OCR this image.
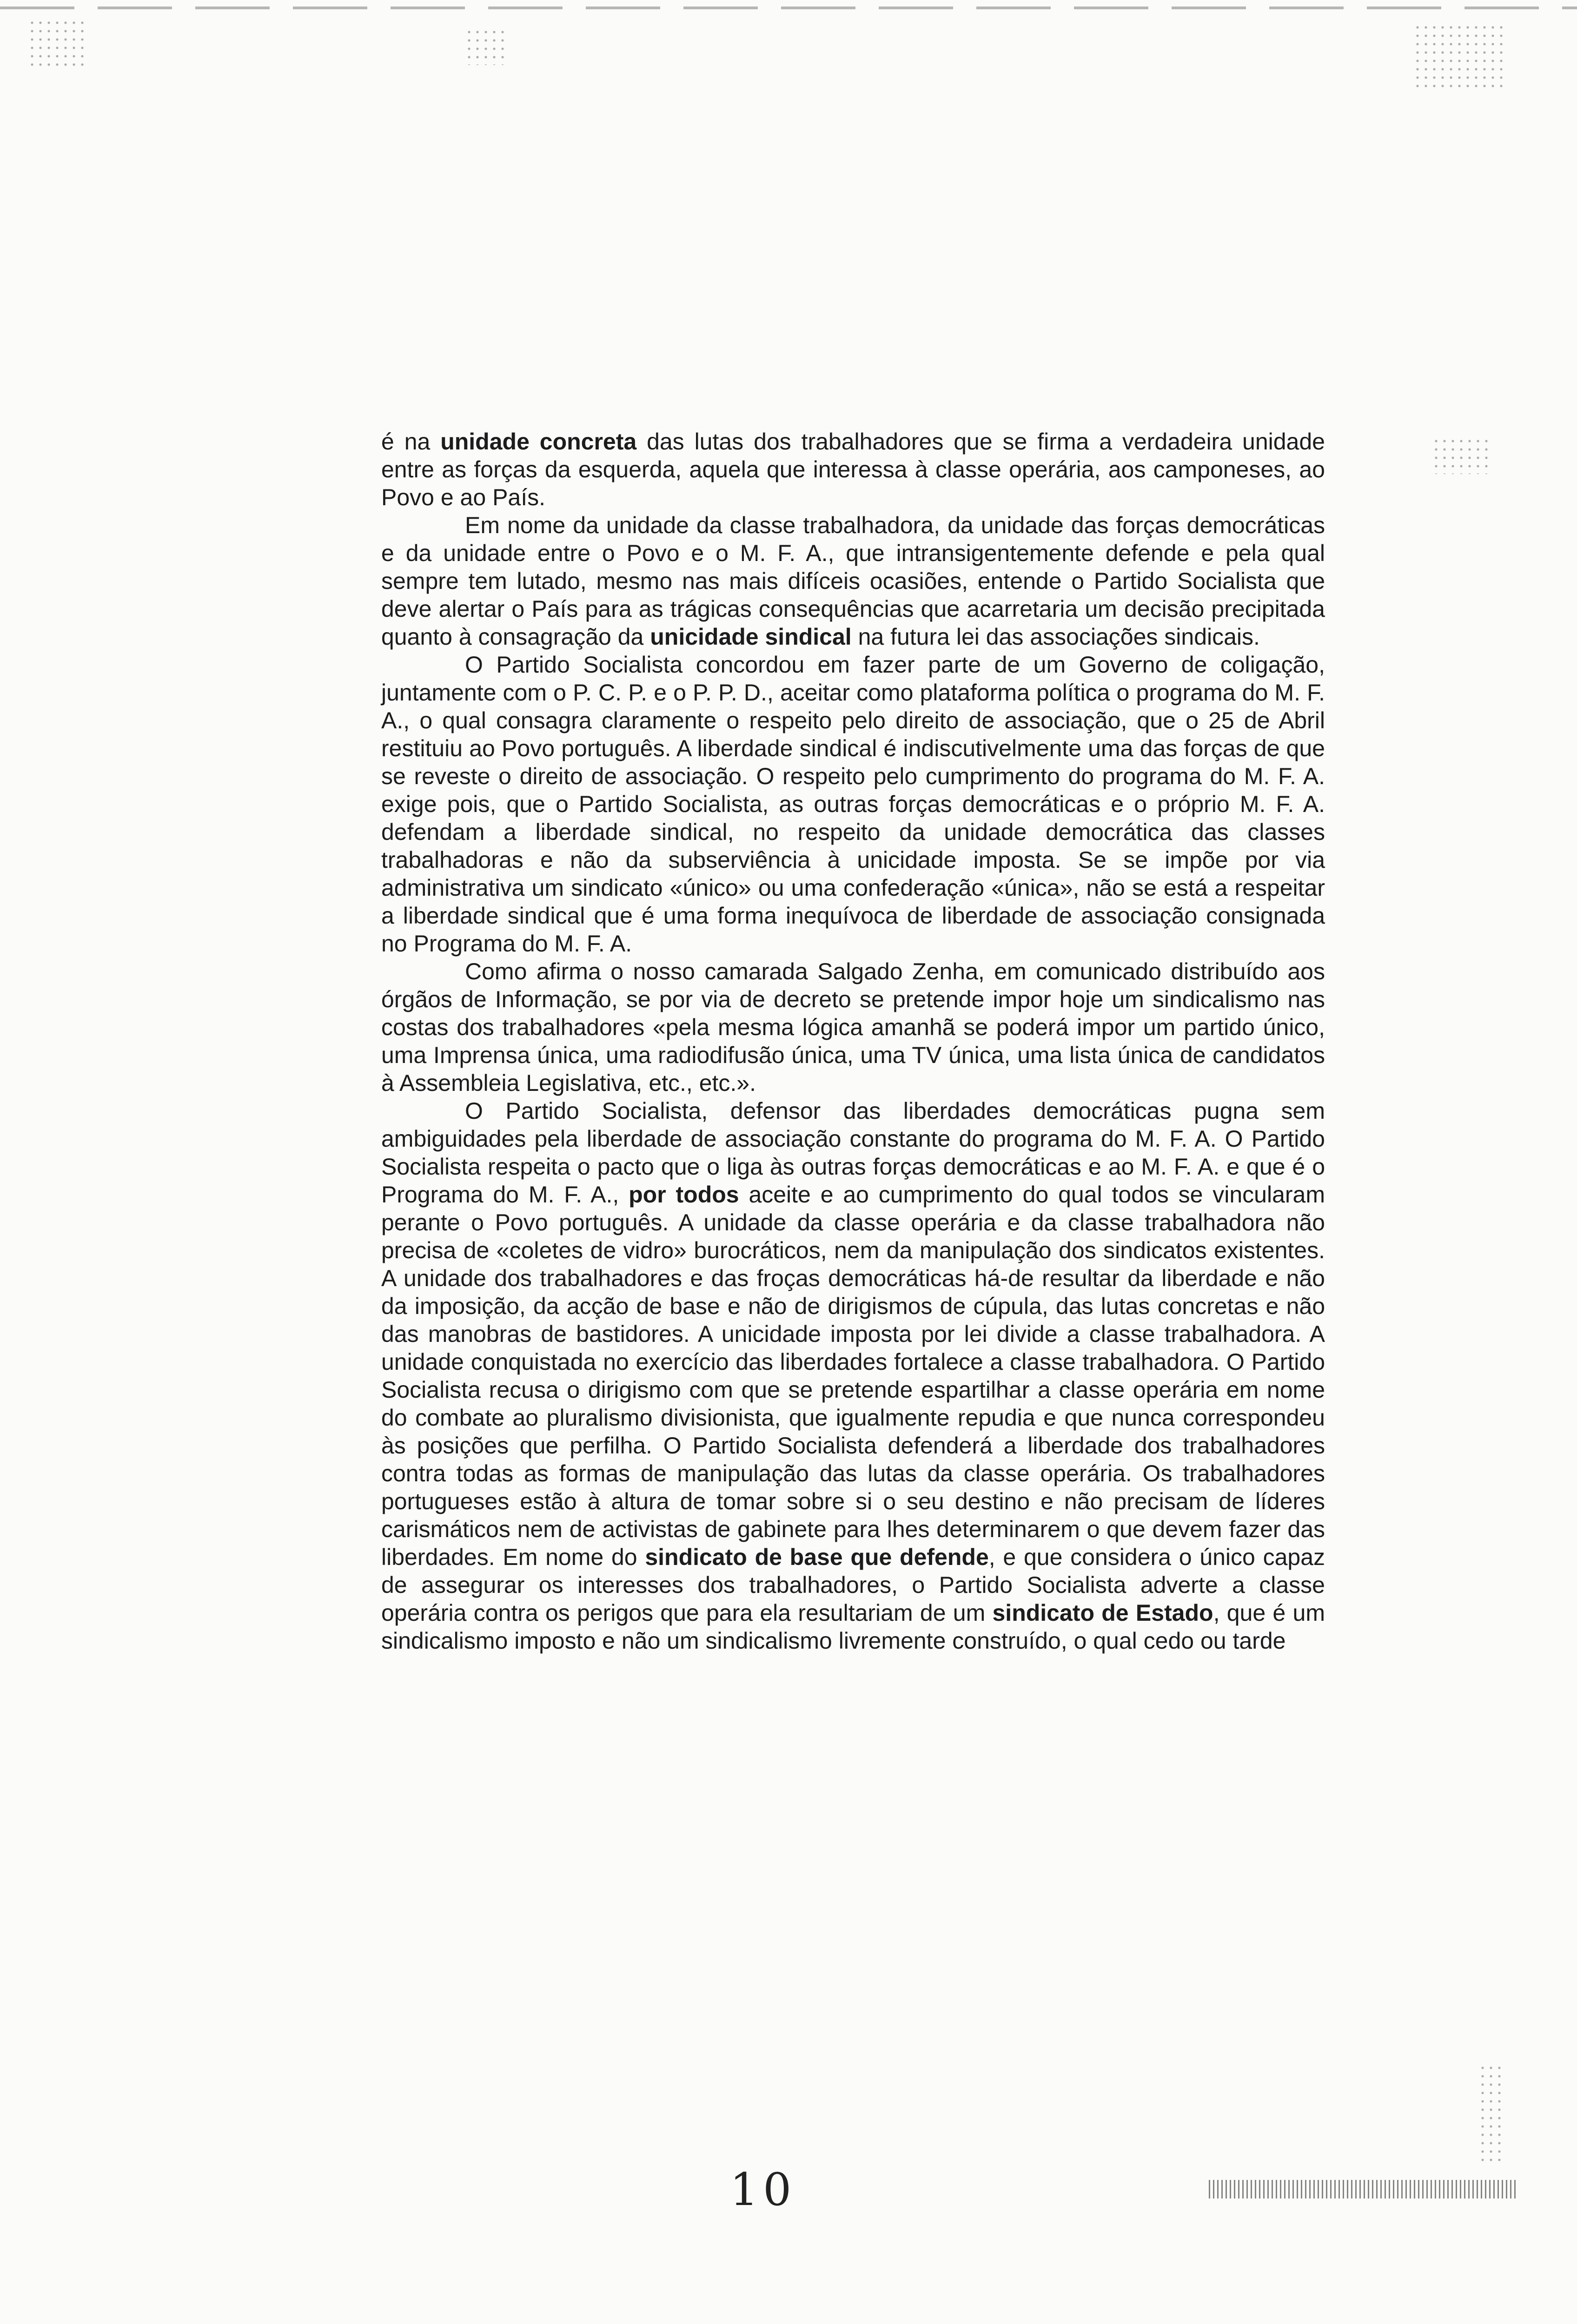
é na unidade concreta das lutas dos trabalhadores que se firma a verdadeira unidade entre as forças da esquerda, aquela que interessa à classe operária, aos camponeses, ao Povo e ao País.

Em nome da unidade da classe trabalhadora, da unidade das forças democráticas e da unidade entre o Povo e o M. F. A., que intransigentemente defende e pela qual sempre tem lutado, mesmo nas mais difíceis ocasiões, entende o Partido Socialista que deve alertar o País para as trágicas consequências que acarretaria um decisão precipitada quanto à consagração da unicidade sindical na futura lei das associações sindicais.

O Partido Socialista concordou em fazer parte de um Governo de coligação, juntamente com o P. C. P. e o P. P. D., aceitar como plataforma política o programa do M. F. A., o qual consagra claramente o respeito pelo direito de associação, que o 25 de Abril restituiu ao Povo português. A liberdade sindical é indiscutivelmente uma das forças de que se reveste o direito de associação. O respeito pelo cumprimento do programa do M. F. A. exige pois, que o Partido Socialista, as outras forças democráticas e o próprio M. F. A. defendam a liberdade sindical, no respeito da unidade democrática das classes trabalhadoras e não da subserviência à unicidade imposta. Se se impõe por via administrativa um sindicato «único» ou uma confederação «única», não se está a respeitar a liberdade sindical que é uma forma inequívoca de liberdade de associação consignada no Programa do M. F. A.

Como afirma o nosso camarada Salgado Zenha, em comunicado distribuído aos órgãos de Informação, se por via de decreto se pretende impor hoje um sindicalismo nas costas dos trabalhadores «pela mesma lógica amanhã se poderá impor um partido único, uma Imprensa única, uma radiodifusão única, uma TV única, uma lista única de candidatos à Assembleia Legislativa, etc., etc.».

O Partido Socialista, defensor das liberdades democráticas pugna sem ambiguidades pela liberdade de associação constante do programa do M. F. A. O Partido Socialista respeita o pacto que o liga às outras forças democráticas e ao M. F. A. e que é o Programa do M. F. A., por todos aceite e ao cumprimento do qual todos se vincularam perante o Povo português. A unidade da classe operária e da classe trabalhadora não precisa de «coletes de vidro» burocráticos, nem da manipulação dos sindicatos existentes. A unidade dos trabalhadores e das froças democráticas há-de resultar da liberdade e não da imposição, da acção de base e não de dirigismos de cúpula, das lutas concretas e não das manobras de bastidores. A unicidade imposta por lei divide a classe trabalhadora. A unidade conquistada no exercício das liberdades fortalece a classe trabalhadora. O Partido Socialista recusa o dirigismo com que se pretende espartilhar a classe operária em nome do combate ao pluralismo divisionista, que igualmente repudia e que nunca correspondeu às posições que perfilha. O Partido Socialista defenderá a liberdade dos trabalhadores contra todas as formas de manipulação das lutas da classe operária. Os trabalhadores portugueses estão à altura de tomar sobre si o seu destino e não precisam de líderes carismáticos nem de activistas de gabinete para lhes determinarem o que devem fazer das liberdades. Em nome do sindicato de base que defende, e que considera o único capaz de assegurar os interesses dos trabalhadores, o Partido Socialista adverte a classe operária contra os perigos que para ela resultariam de um sindicato de Estado, que é um sindicalismo imposto e não um sindicalismo livremente construído, o qual cedo ou tarde

10
